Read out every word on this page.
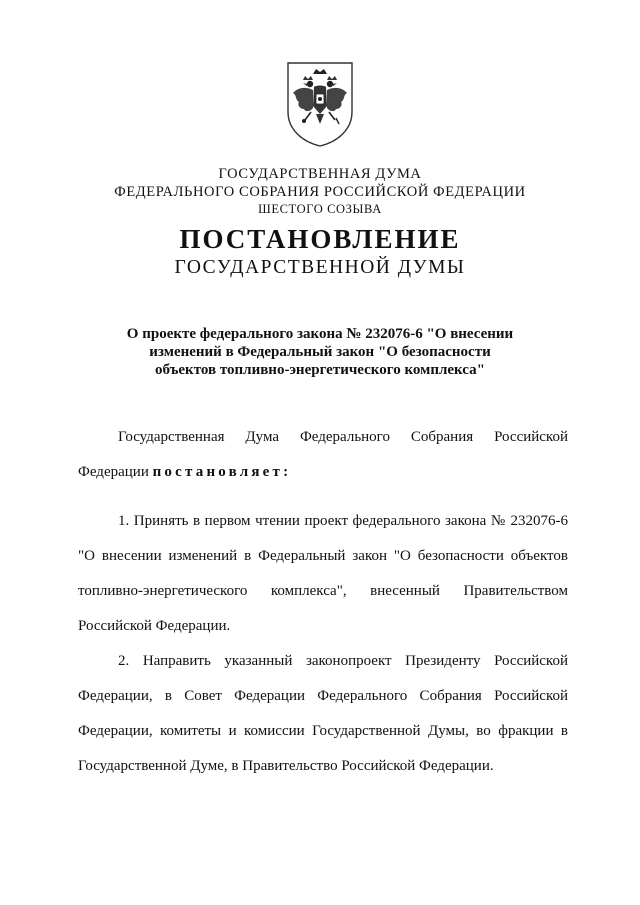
ГОСУДАРСТВЕННАЯ ДУМА
ФЕДЕРАЛЬНОГО СОБРАНИЯ РОССИЙСКОЙ ФЕДЕРАЦИИ
ШЕСТОГО СОЗЫВА
ПОСТАНОВЛЕНИЕ
ГОСУДАРСТВЕННОЙ ДУМЫ
О проекте федерального закона № 232076-6 "О внесении
изменений в Федеральный закон "О безопасности
объектов топливно-энергетического комплекса"
Государственная Дума Федерального Собрания Российской
Федерации постановляет:
1. Принять в первом чтении проект федерального закона № 232076-6
"О внесении изменений в Федеральный закон "О безопасности объектов
топливно-энергетического комплекса", внесенный Правительством
Российской Федерации.
2. Направить указанный законопроект Президенту Российской
Федерации, в Совет Федерации Федерального Собрания Российской
Федерации, комитеты и комиссии Государственной Думы, во фракции в
Государственной Думе, в Правительство Российской Федерации.
